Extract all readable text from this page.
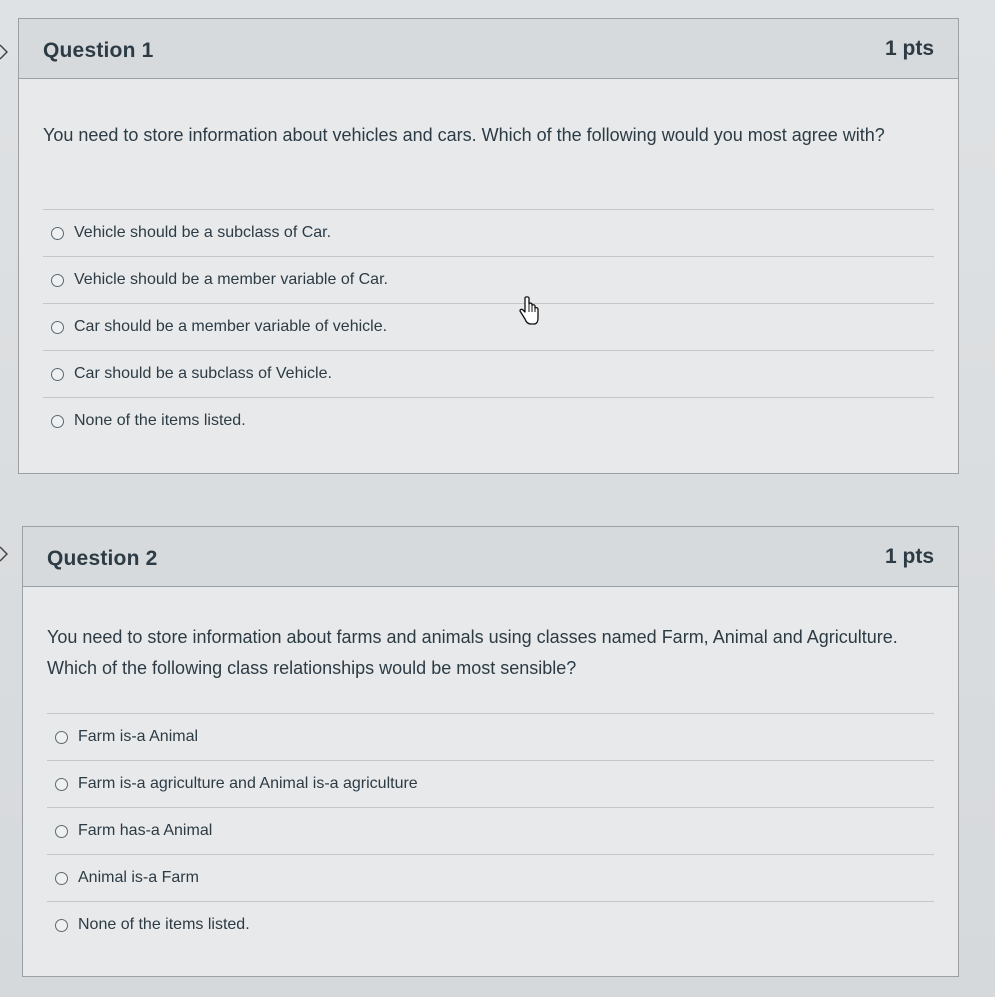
Question 1	1 pts
You need to store information about vehicles and cars. Which of the following would you most agree with?
Vehicle should be a subclass of Car.
Vehicle should be a member variable of Car.
Car should be a member variable of vehicle.
Car should be a subclass of Vehicle.
None of the items listed.
Question 2	1 pts
You need to store information about farms and animals using classes named Farm, Animal and Agriculture. Which of the following class relationships would be most sensible?
Farm is-a Animal
Farm is-a agriculture and Animal is-a agriculture
Farm has-a Animal
Animal is-a Farm
None of the items listed.
